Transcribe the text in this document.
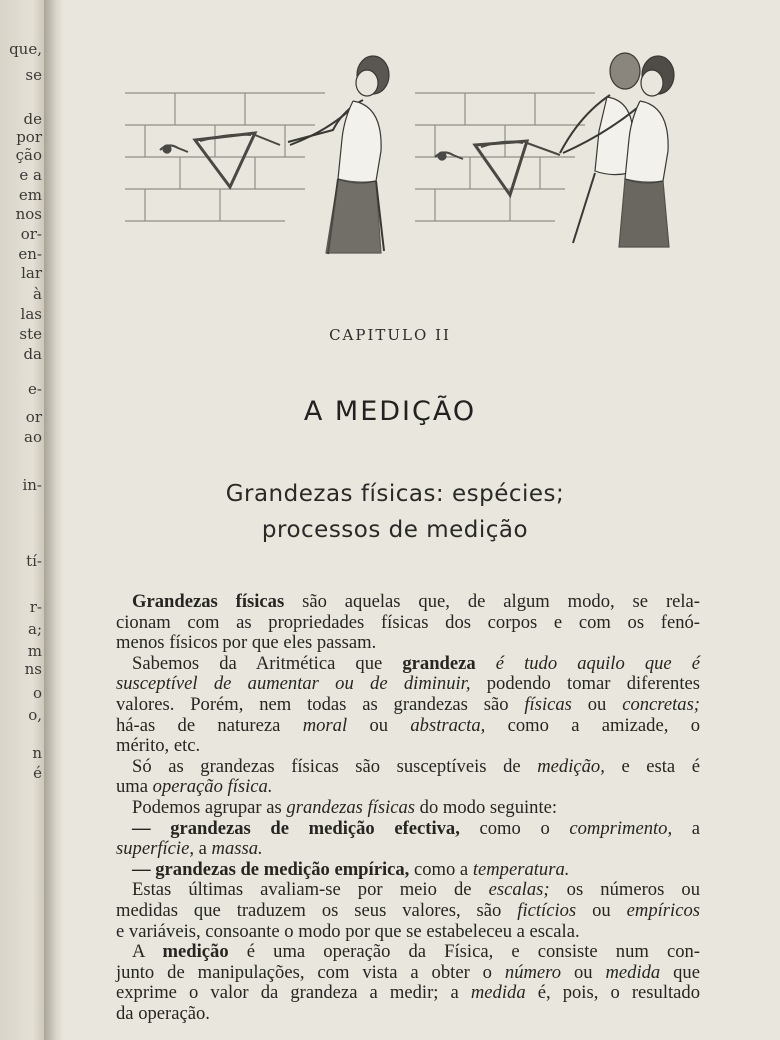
que,
se
de
por
ção
e a
em
nos
or-
en-
lar
à
las
ste
da
e-
or
ao
in-
tí-
r-
a;
m
ns
o
o,
n
é
CAPITULO II
A MEDIÇÃO
Grandezas físicas: espécies;
processos de medição
Grandezas físicas são aquelas que, de algum modo, se rela-
cionam com as propriedades físicas dos corpos e com os fenó-
menos físicos por que eles passam.
Sabemos da Aritmética que grandeza é tudo aquilo que é
susceptível de aumentar ou de diminuir, podendo tomar diferentes
valores. Porém, nem todas as grandezas são físicas ou concretas;
há-as de natureza moral ou abstracta, como a amizade, o
mérito, etc.
Só as grandezas físicas são susceptíveis de medição, e esta é
uma operação física.
Podemos agrupar as grandezas físicas do modo seguinte:
— grandezas de medição efectiva, como o comprimento, a
superfície, a massa.
— grandezas de medição empírica, como a temperatura.
Estas últimas avaliam-se por meio de escalas; os números ou
medidas que traduzem os seus valores, são fictícios ou empíricos
e variáveis, consoante o modo por que se estabeleceu a escala.
A medição é uma operação da Física, e consiste num con-
junto de manipulações, com vista a obter o número ou medida que
exprime o valor da grandeza a medir; a medida é, pois, o resultado
da operação.
